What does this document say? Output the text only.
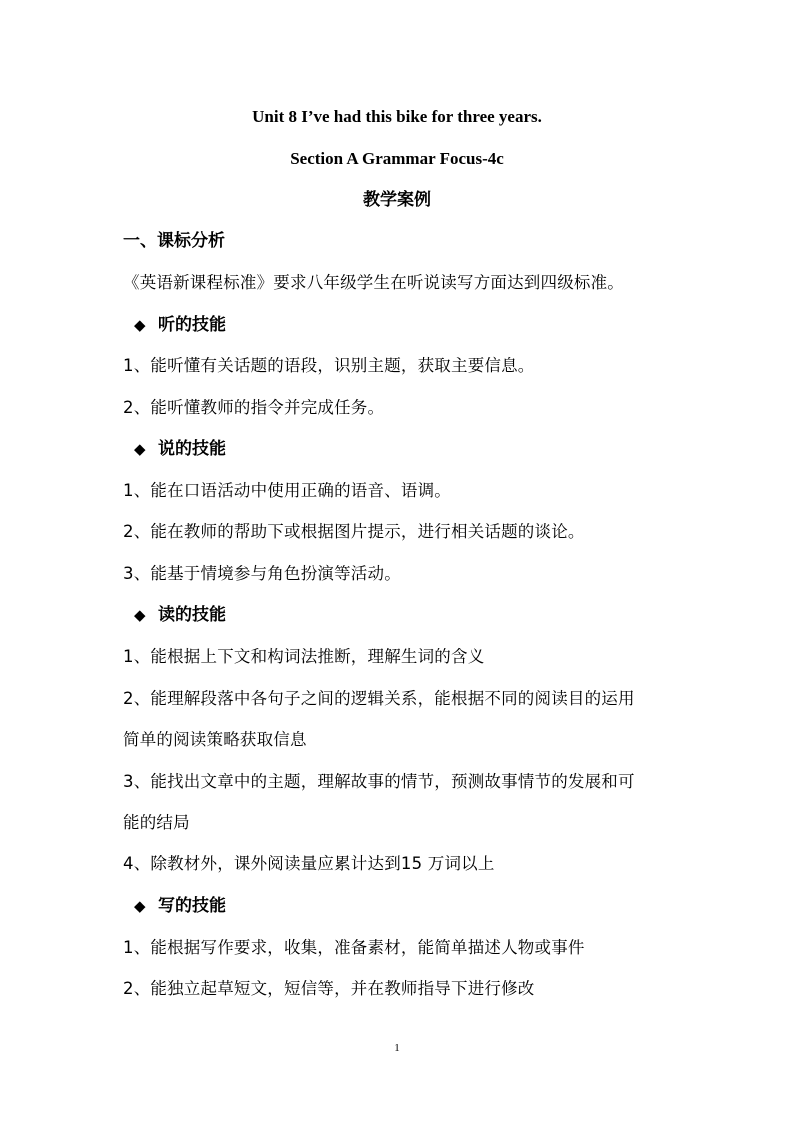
Unit 8 I’ve had this bike for three years.
Section A Grammar Focus-4c
教学案例
一、课标分析
《英语新课程标准》要求八年级学生在听说读写方面达到四级标准。
◆ 听的技能
1、能听懂有关话题的语段，识别主题，获取主要信息。
2、能听懂教师的指令并完成任务。
◆ 说的技能
1、能在口语活动中使用正确的语音、语调。
2、能在教师的帮助下或根据图片提示，进行相关话题的谈论。
3、能基于情境参与角色扮演等活动。
◆ 读的技能
1、能根据上下文和构词法推断，理解生词的含义
2、能理解段落中各句子之间的逻辑关系，能根据不同的阅读目的运用
简单的阅读策略获取信息
3、能找出文章中的主题，理解故事的情节，预测故事情节的发展和可
能的结局
4、除教材外，课外阅读量应累计达到15 万词以上
◆ 写的技能
1、能根据写作要求，收集，准备素材，能简单描述人物或事件
2、能独立起草短文，短信等，并在教师指导下进行修改
1
